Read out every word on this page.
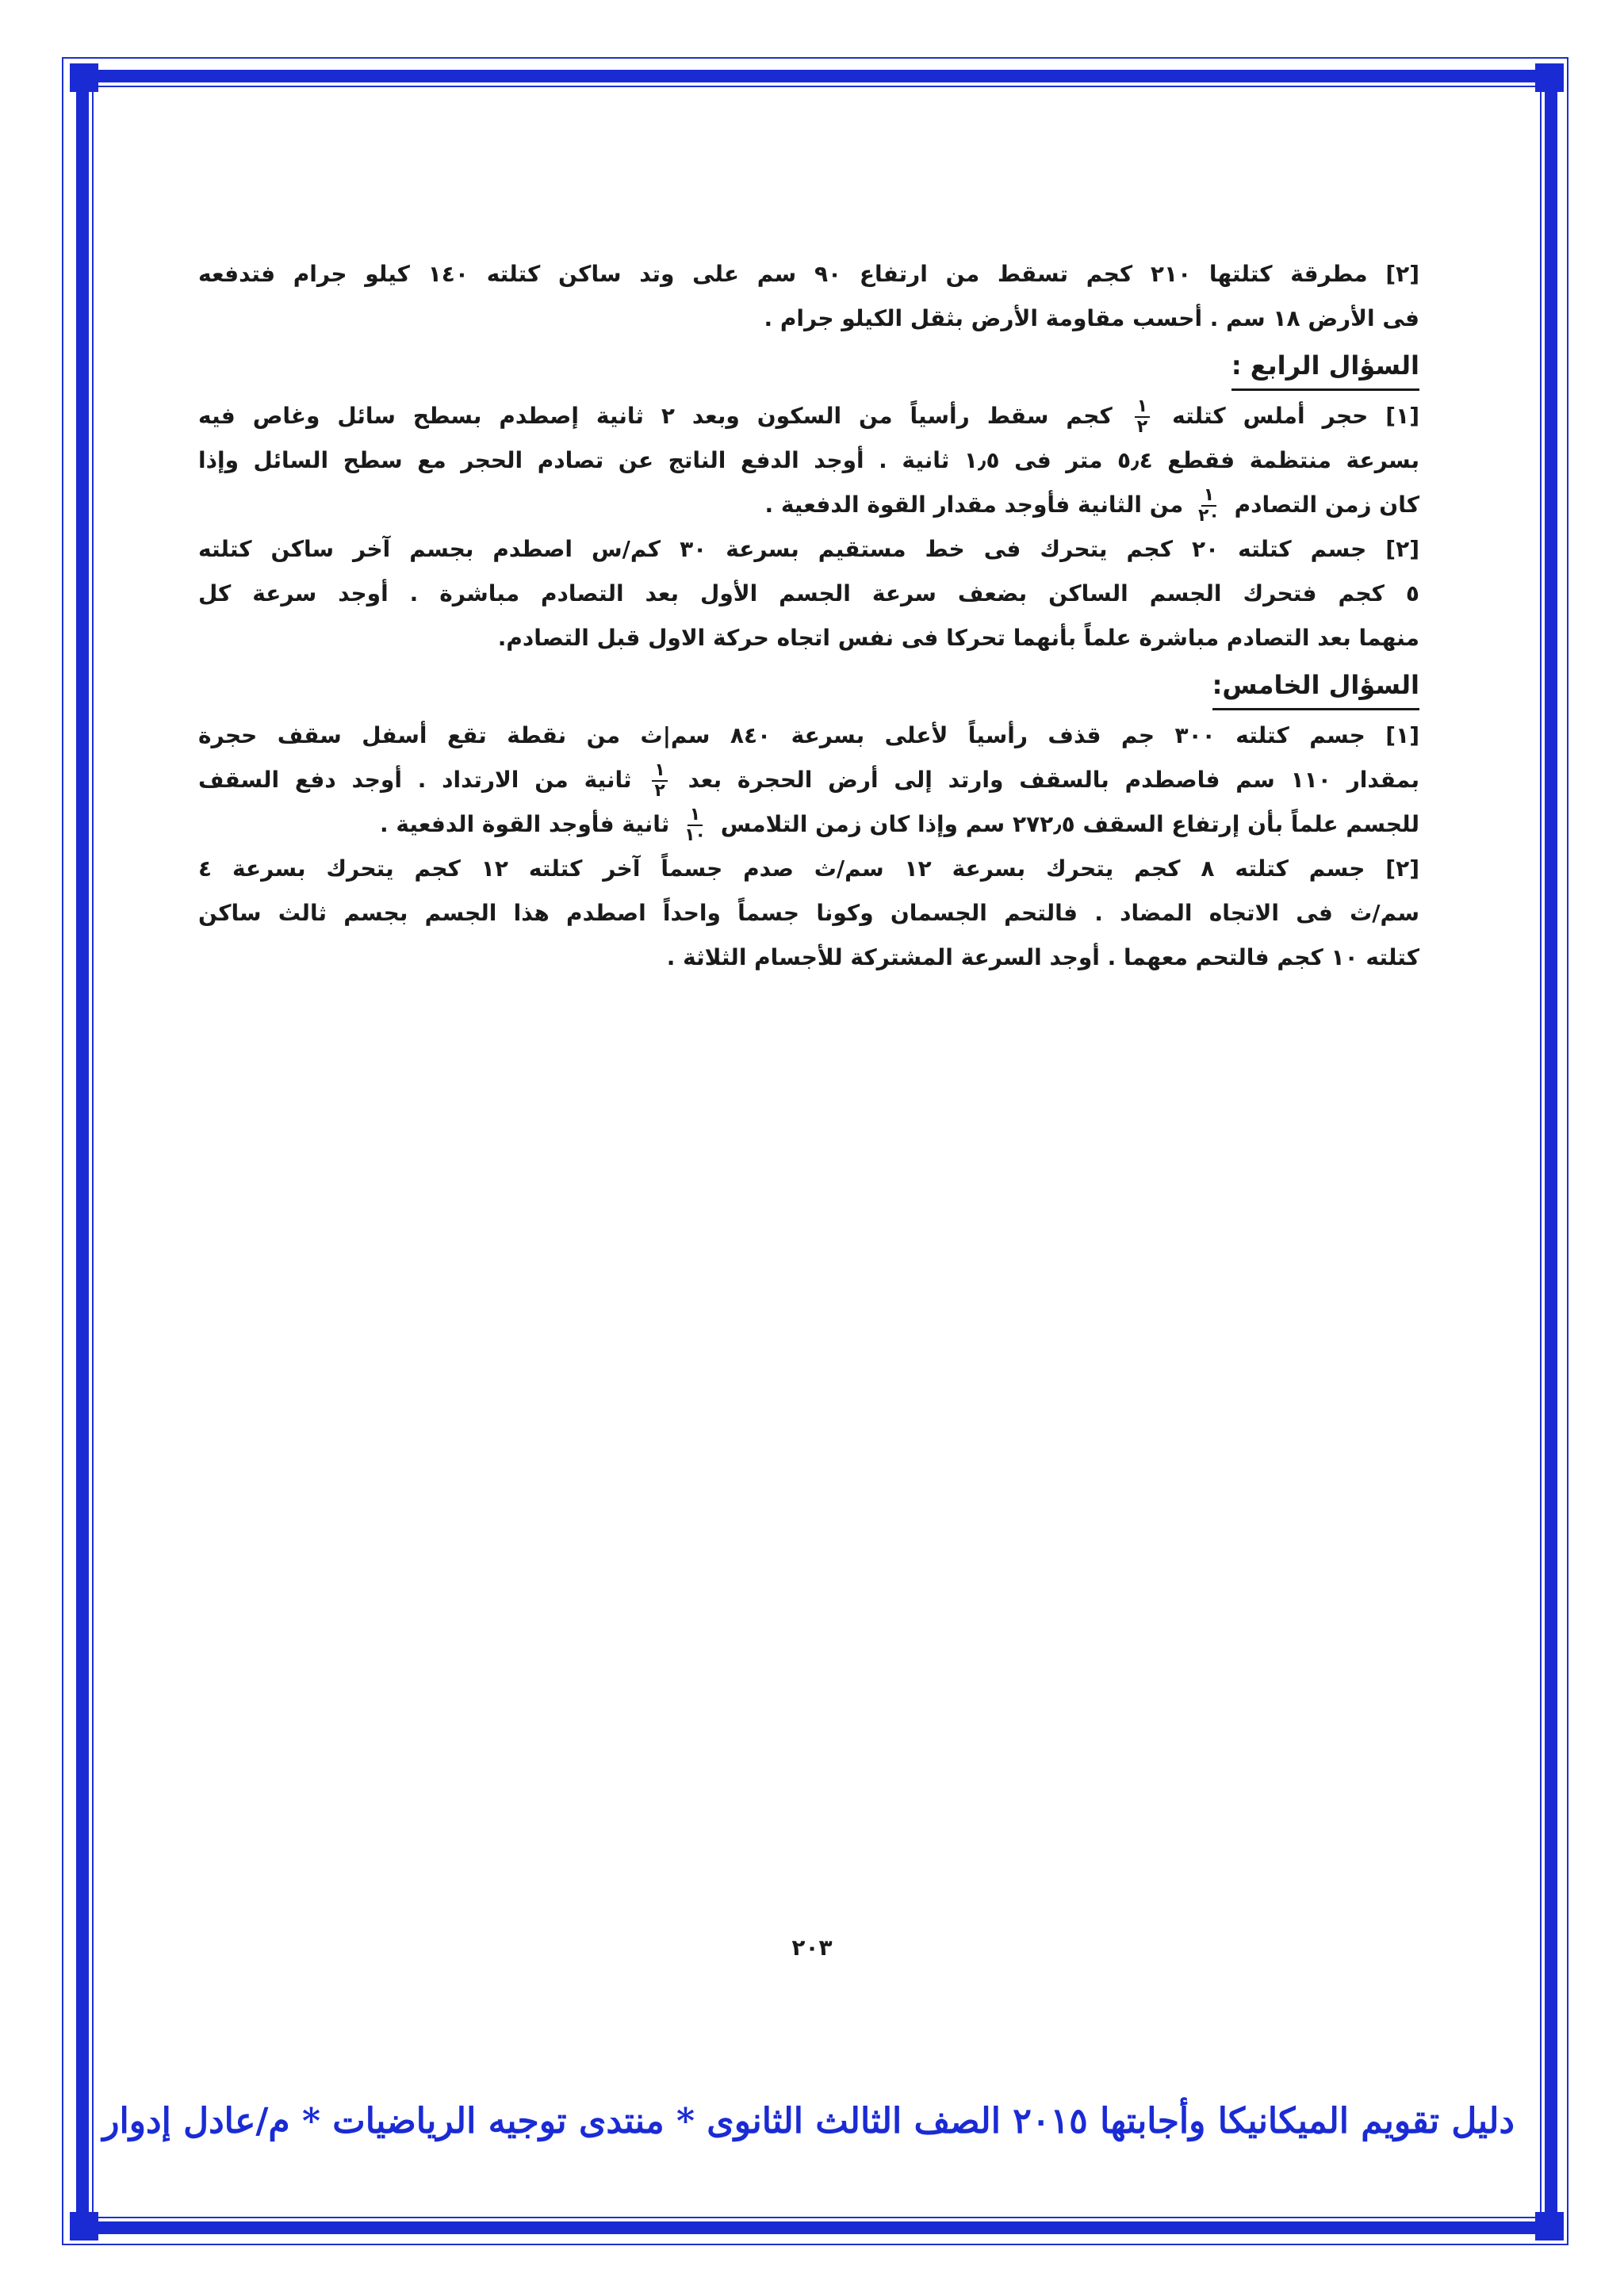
[٢] مطرقة كتلتها ٢١٠ كجم تسقط من ارتفاع ٩٠ سم على وتد ساكن كتلته ١٤٠ كيلو جرام فتدفعه
فى الأرض ١٨ سم . أحسب مقاومة الأرض بثقل الكيلو جرام .
السؤال الرابع :
[١] حجر أملس كتلته
$\frac{١}{٢}$
كجم سقط رأسياً من السكون وبعد ٢ ثانية إصطدم بسطح سائل وغاص فيه
بسرعة منتظمة فقطع ٥٫٤ متر فى ١٫٥ ثانية . أوجد الدفع الناتج عن تصادم الحجر مع سطح السائل وإذا
كان زمن التصادم
$\frac{١}{٢٠}$
من الثانية فأوجد مقدار القوة الدفعية .
[٢] جسم كتلته ٢٠ كجم يتحرك فى خط مستقيم بسرعة ٣٠ كم/س اصطدم بجسم آخر ساكن كتلته
٥ كجم فتحرك الجسم الساكن بضعف سرعة الجسم الأول بعد التصادم مباشرة . أوجد سرعة كل
منهما بعد التصادم مباشرة علماً بأنهما تحركا فى نفس اتجاه حركة الاول قبل التصادم.
السؤال الخامس:
[١] جسم كتلته ٣٠٠ جم قذف رأسياً لأعلى بسرعة ٨٤٠ سم|ث من نقطة تقع أسفل سقف حجرة
بمقدار ١١٠ سم فاصطدم بالسقف وارتد إلى أرض الحجرة بعد
$\frac{١}{٢}$
ثانية من الارتداد . أوجد دفع السقف
للجسم علماً بأن إرتفاع السقف ٢٧٢٫٥ سم وإذا كان زمن التلامس
$\frac{١}{١٠}$
ثانية فأوجد القوة الدفعية .
[٢] جسم كتلته ٨ كجم يتحرك بسرعة ١٢ سم/ث صدم جسماً آخر كتلته ١٢ كجم يتحرك بسرعة ٤
سم/ث فى الاتجاه المضاد . فالتحم الجسمان وكونا جسماً واحداً اصطدم هذا الجسم بجسم ثالث ساكن
كتلته ١٠ كجم فالتحم معهما . أوجد السرعة المشتركة للأجسام الثلاثة .
٢٠٣
دليل تقويم الميكانيكا وأجابتها ٢٠١٥ الصف الثالث الثانوى * منتدى توجيه الرياضيات * م/عادل إدوار
